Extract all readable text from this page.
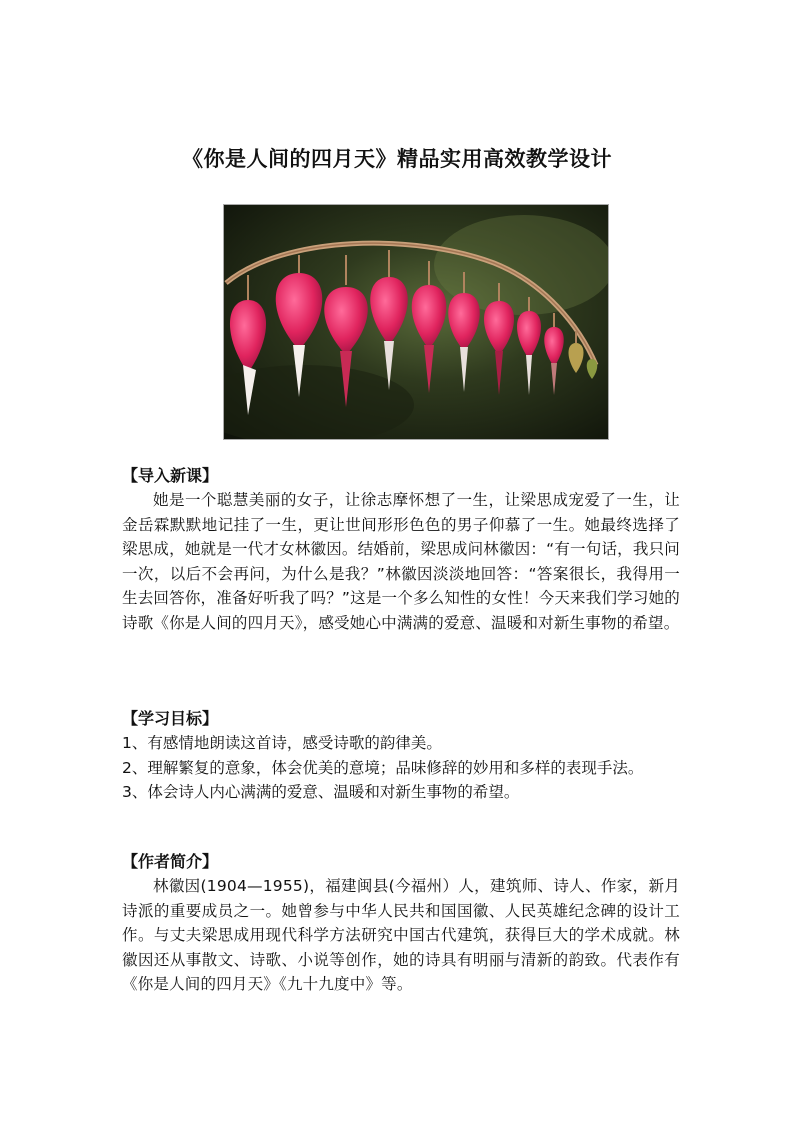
《你是人间的四月天》精品实用高效教学设计

【导入新课】

她是一个聪慧美丽的女子，让徐志摩怀想了一生，让梁思成宠爱了一生，让金岳霖默默地记挂了一生，更让世间形形色色的男子仰慕了一生。她最终选择了梁思成，她就是一代才女林徽因。结婚前，梁思成问林徽因：“有一句话，我只问一次，以后不会再问，为什么是我？”林徽因淡淡地回答：“答案很长，我得用一生去回答你，准备好听我了吗？”这是一个多么知性的女性！今天来我们学习她的诗歌《你是人间的四月天》，感受她心中满满的爱意、温暖和对新生事物的希望。

【学习目标】

1、有感情地朗读这首诗，感受诗歌的韵律美。

2、理解繁复的意象，体会优美的意境；品味修辞的妙用和多样的表现手法。

3、体会诗人内心满满的爱意、温暖和对新生事物的希望。

【作者简介】

林徽因(1904—1955)，福建闽县(今福州）人，建筑师、诗人、作家，新月诗派的重要成员之一。她曾参与中华人民共和国国徽、人民英雄纪念碑的设计工作。与丈夫梁思成用现代科学方法研究中国古代建筑，获得巨大的学术成就。林徽因还从事散文、诗歌、小说等创作，她的诗具有明丽与清新的韵致。代表作有《你是人间的四月天》《九十九度中》等。
